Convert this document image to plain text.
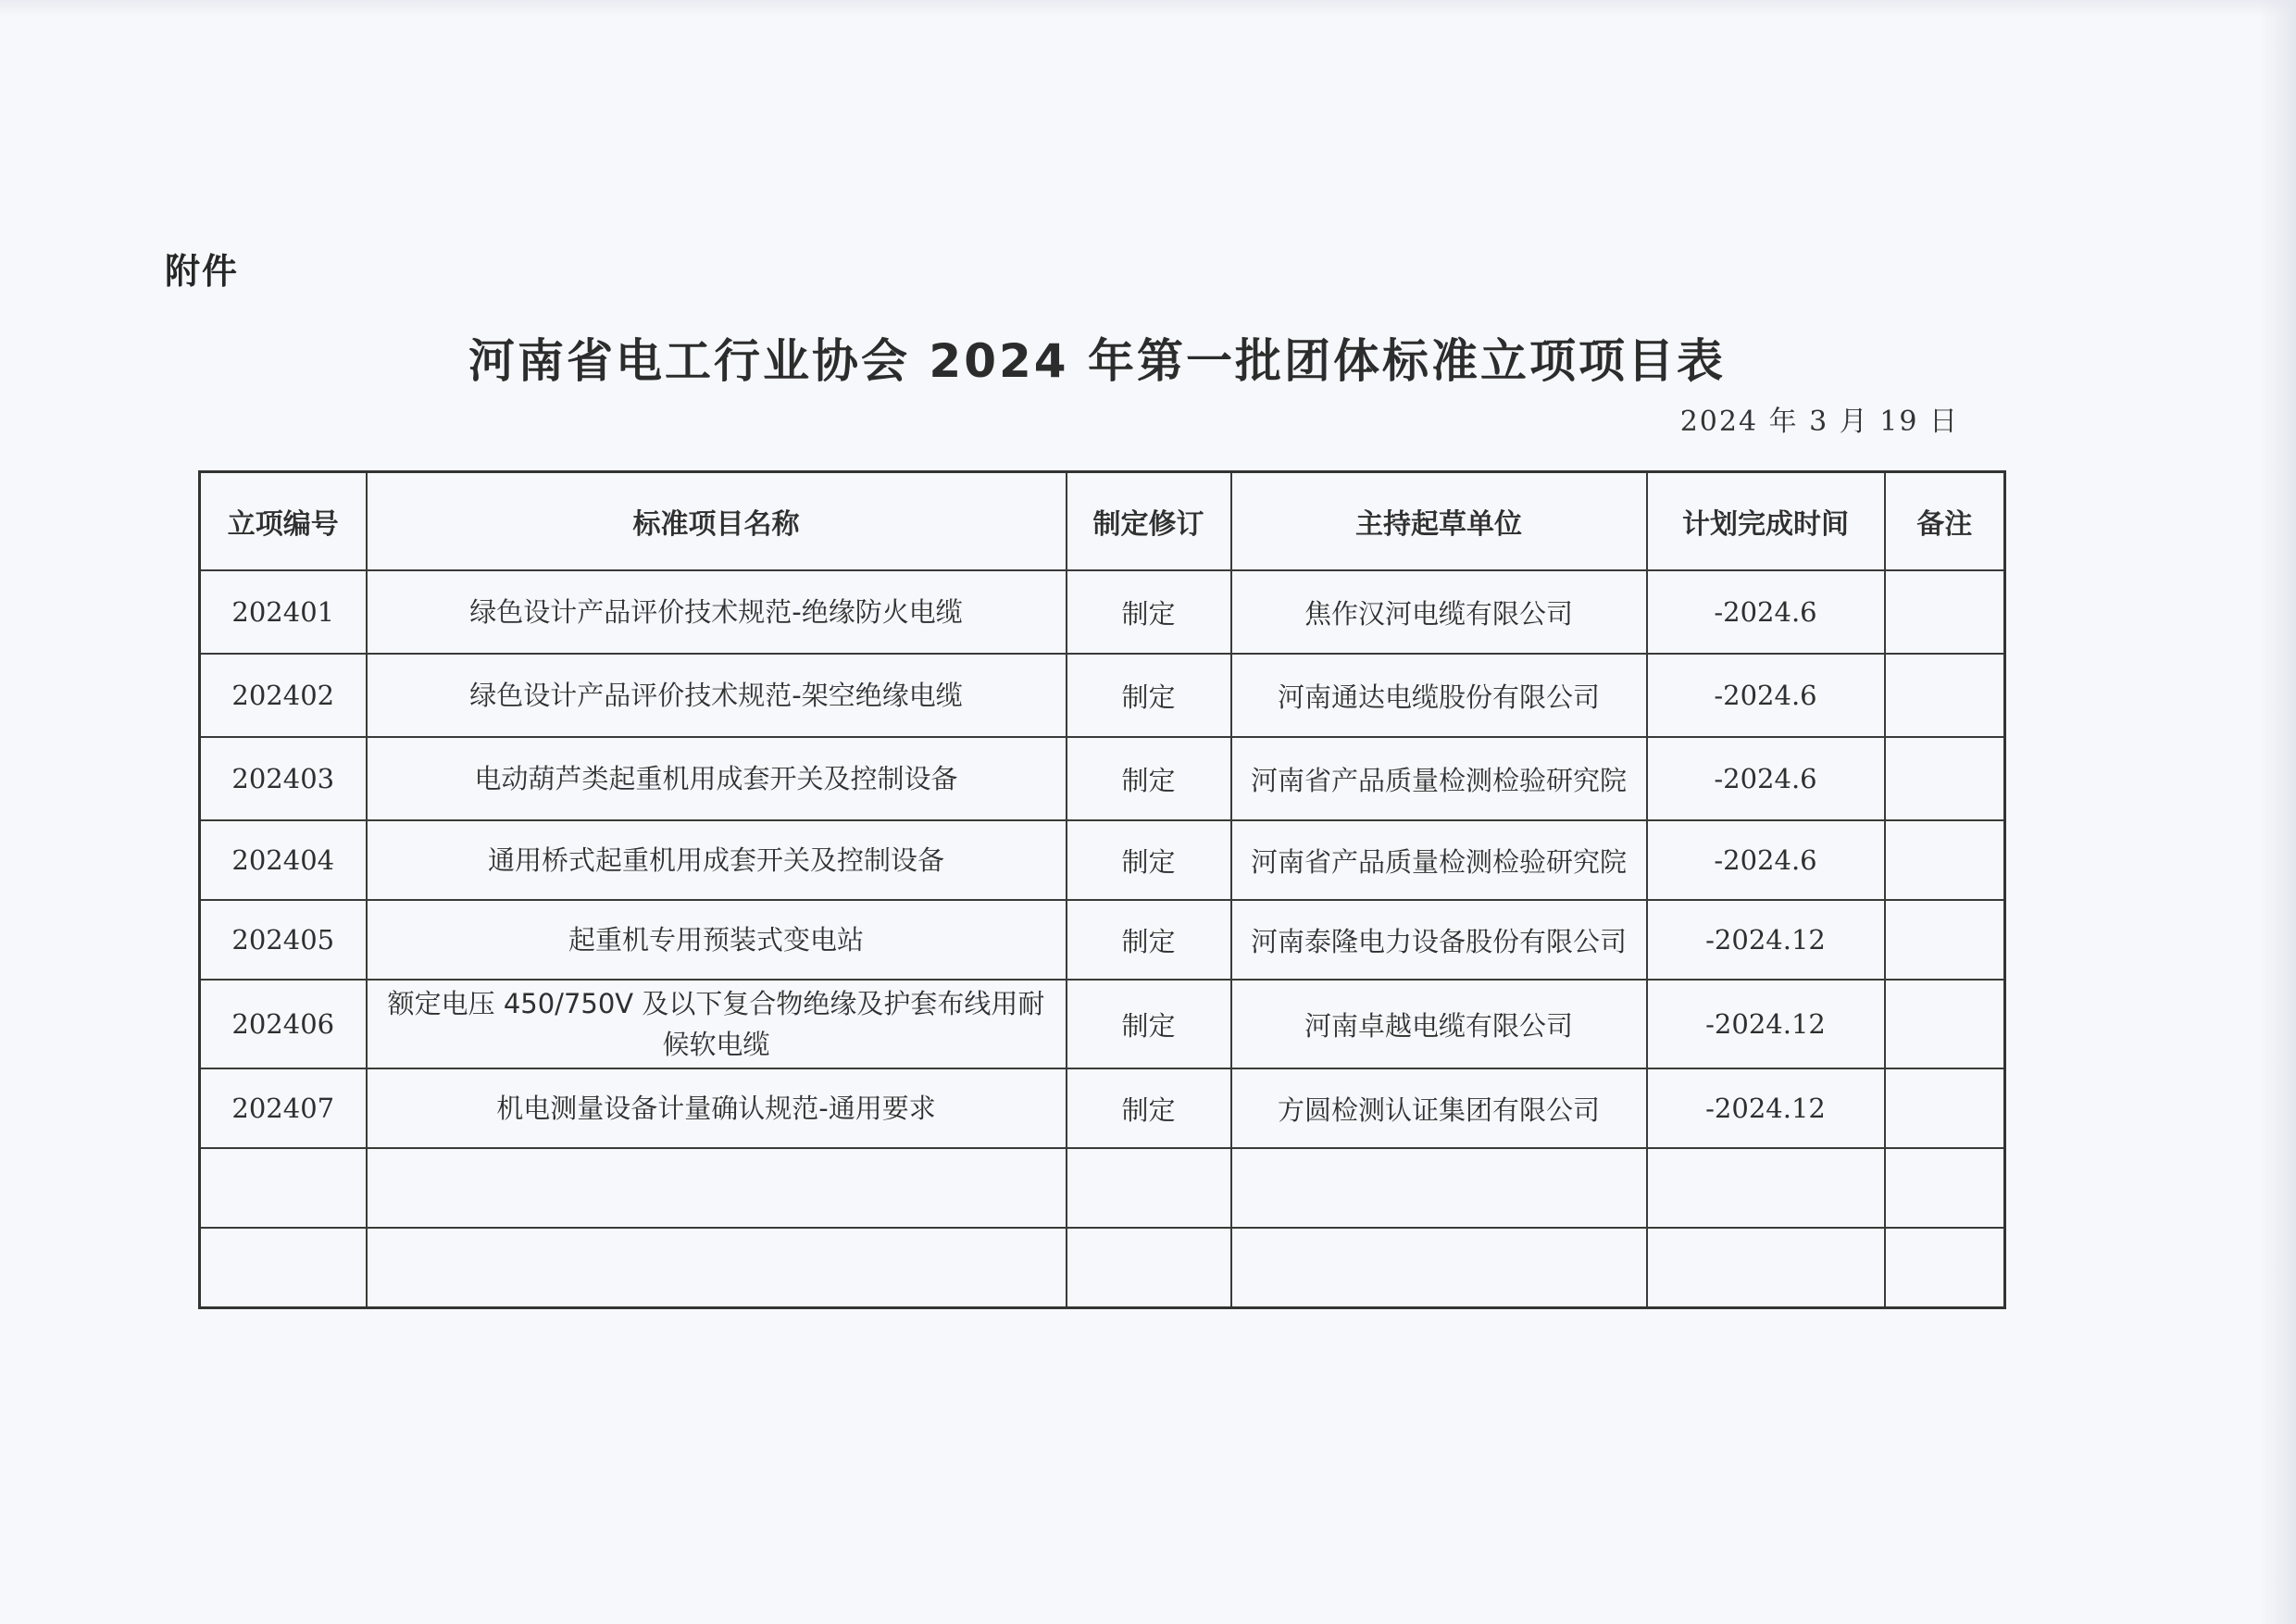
附件
河南省电工行业协会 2024 年第一批团体标准立项项目表
2024 年 3 月 19 日
立项编号	标准项目名称	制定修订	主持起草单位	计划完成时间	备注
202401	绿色设计产品评价技术规范-绝缘防火电缆	制定	焦作汉河电缆有限公司	-2024.6	
202402	绿色设计产品评价技术规范-架空绝缘电缆	制定	河南通达电缆股份有限公司	-2024.6	
202403	电动葫芦类起重机用成套开关及控制设备	制定	河南省产品质量检测检验研究院	-2024.6	
202404	通用桥式起重机用成套开关及控制设备	制定	河南省产品质量检测检验研究院	-2024.6	
202405	起重机专用预装式变电站	制定	河南泰隆电力设备股份有限公司	-2024.12	
202406	额定电压 450/750V 及以下复合物绝缘及护套布线用耐候软电缆	制定	河南卓越电缆有限公司	-2024.12	
202407	机电测量设备计量确认规范-通用要求	制定	方圆检测认证集团有限公司	-2024.12	
